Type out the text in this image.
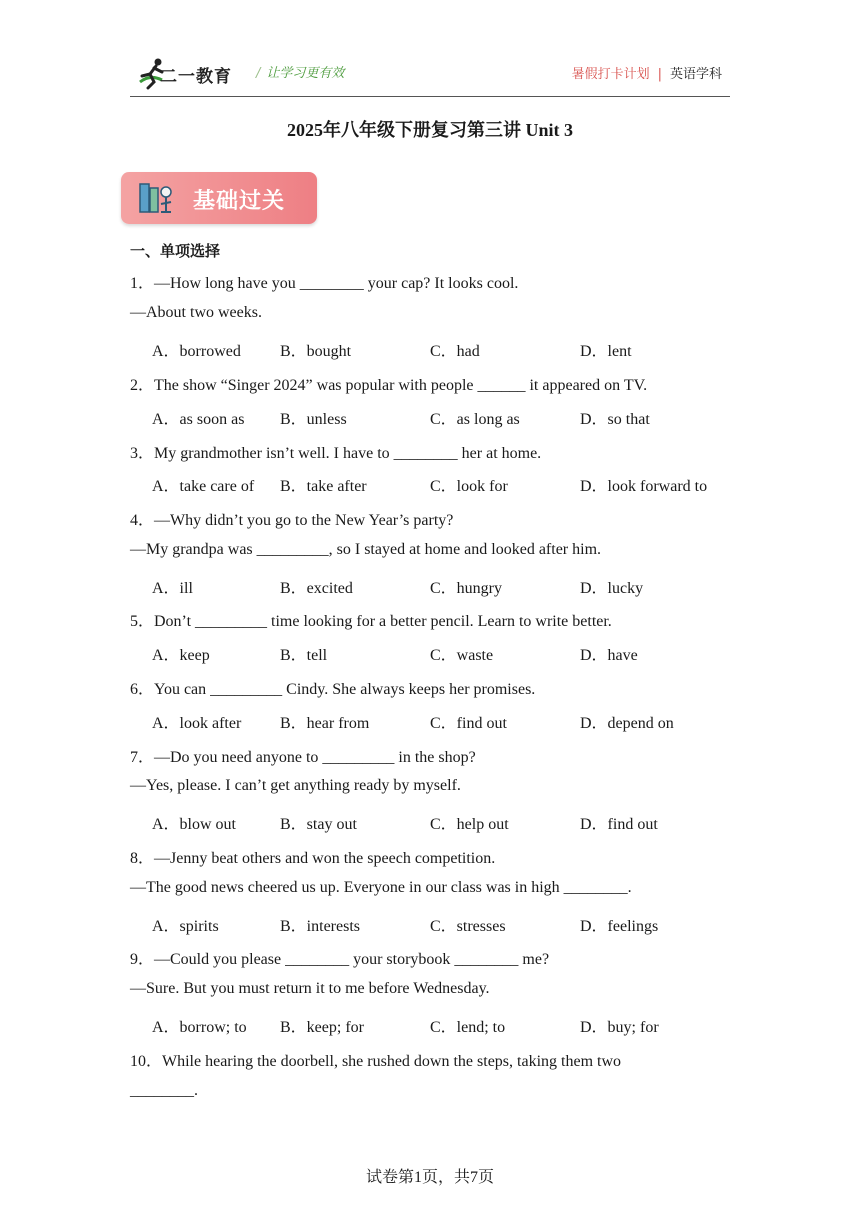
二一教育 / 让学习更有效	暑假打卡计划 | 英语学科
2025年八年级下册复习第三讲 Unit 3
基础过关
一、单项选择
1．—How long have you ________ your cap? It looks cool.
—About two weeks.
A．borrowed B．bought	C．had	D．lent
2．The show “Singer 2024” was popular with people ______ it appeared on TV.
A．as soon as B．unless	C．as long as	D．so that
3．My grandmother isn’t well. I have to ________ her at home.
A．take care of B．take after	C．look for	D．look forward to
4．—Why didn’t you go to the New Year’s party?
—My grandpa was _________, so I stayed at home and looked after him.
A．ill	B．excited	C．hungry	D．lucky
5．Don’t _________ time looking for a better pencil. Learn to write better.
A．keep	B．tell	C．waste	D．have
6．You can _________ Cindy. She always keeps her promises.
A．look after B．hear from	C．find out	D．depend on
7．—Do you need anyone to _________ in the shop?
—Yes, please. I can’t get anything ready by myself.
A．blow out	B．stay out	C．help out	D．find out
8．—Jenny beat others and won the speech competition.
—The good news cheered us up. Everyone in our class was in high ________.
A．spirits	B．interests	C．stresses	D．feelings
9．—Could you please ________ your storybook ________ me?
—Sure. But you must return it to me before Wednesday.
A．borrow; to B．keep; for	C．lend; to	D．buy; for
10．While hearing the doorbell, she rushed down the steps, taking them two
________.
试卷第1页，共7页
